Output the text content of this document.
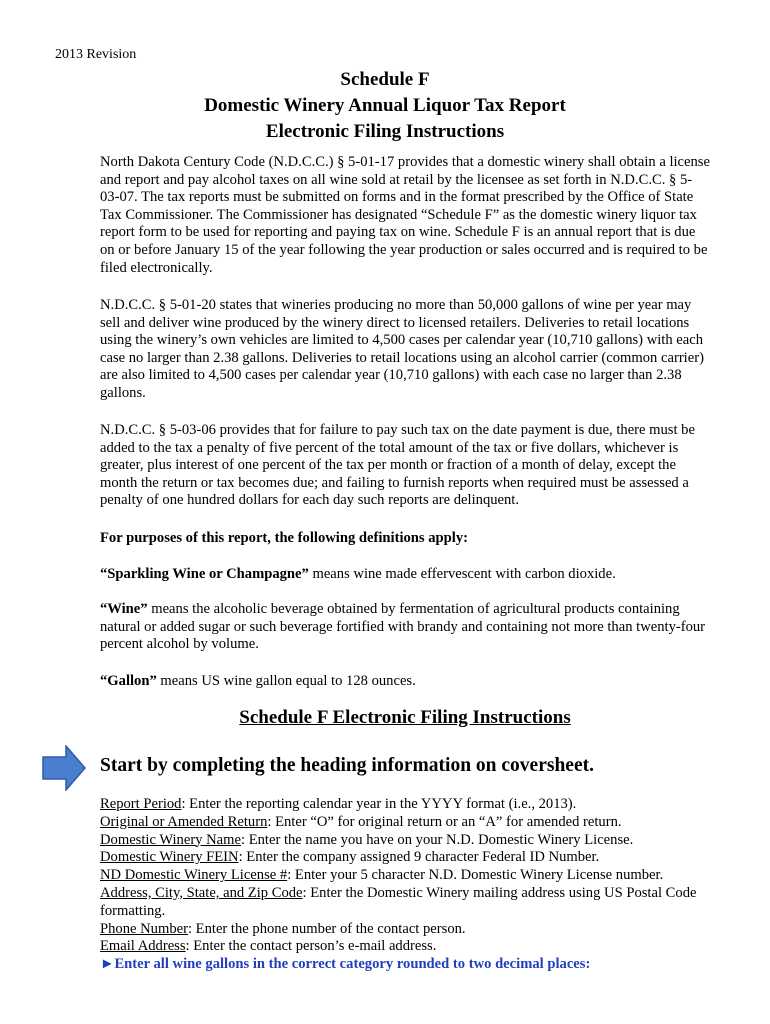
2013 Revision
Schedule F
Domestic Winery Annual Liquor Tax Report
Electronic Filing Instructions

North Dakota Century Code (N.D.C.C.) § 5-01-17 provides that a domestic winery shall obtain a license and report and pay alcohol taxes on all wine sold at retail by the licensee as set forth in N.D.C.C. § 5-03-07. The tax reports must be submitted on forms and in the format prescribed by the Office of State Tax Commissioner. The Commissioner has designated “Schedule F” as the domestic winery liquor tax report form to be used for reporting and paying tax on wine. Schedule F is an annual report that is due on or before January 15 of the year following the year production or sales occurred and is required to be filed electronically.

N.D.C.C. § 5-01-20 states that wineries producing no more than 50,000 gallons of wine per year may sell and deliver wine produced by the winery direct to licensed retailers. Deliveries to retail locations using the winery’s own vehicles are limited to 4,500 cases per calendar year (10,710 gallons) with each case no larger than 2.38 gallons. Deliveries to retail locations using an alcohol carrier (common carrier) are also limited to 4,500 cases per calendar year (10,710 gallons) with each case no larger than 2.38 gallons.

N.D.C.C. § 5-03-06 provides that for failure to pay such tax on the date payment is due, there must be added to the tax a penalty of five percent of the total amount of the tax or five dollars, whichever is greater, plus interest of one percent of the tax per month or fraction of a month of delay, except the month the return or tax becomes due; and failing to furnish reports when required must be assessed a penalty of one hundred dollars for each day such reports are delinquent.

For purposes of this report, the following definitions apply:
“Sparkling Wine or Champagne” means wine made effervescent with carbon dioxide.
“Wine” means the alcoholic beverage obtained by fermentation of agricultural products containing natural or added sugar or such beverage fortified with brandy and containing not more than twenty-four percent alcohol by volume.
“Gallon” means US wine gallon equal to 128 ounces.
Schedule F Electronic Filing Instructions
Start by completing the heading information on coversheet.
Report Period: Enter the reporting calendar year in the YYYY format (i.e., 2013).
Original or Amended Return: Enter “O” for original return or an “A” for amended return.
Domestic Winery Name: Enter the name you have on your N.D. Domestic Winery License.
Domestic Winery FEIN: Enter the company assigned 9 character Federal ID Number.
ND Domestic Winery License #: Enter your 5 character N.D. Domestic Winery License number.
Address, City, State, and Zip Code: Enter the Domestic Winery mailing address using US Postal Code formatting.
Phone Number: Enter the phone number of the contact person.
Email Address: Enter the contact person’s e-mail address.
►Enter all wine gallons in the correct category rounded to two decimal places:
